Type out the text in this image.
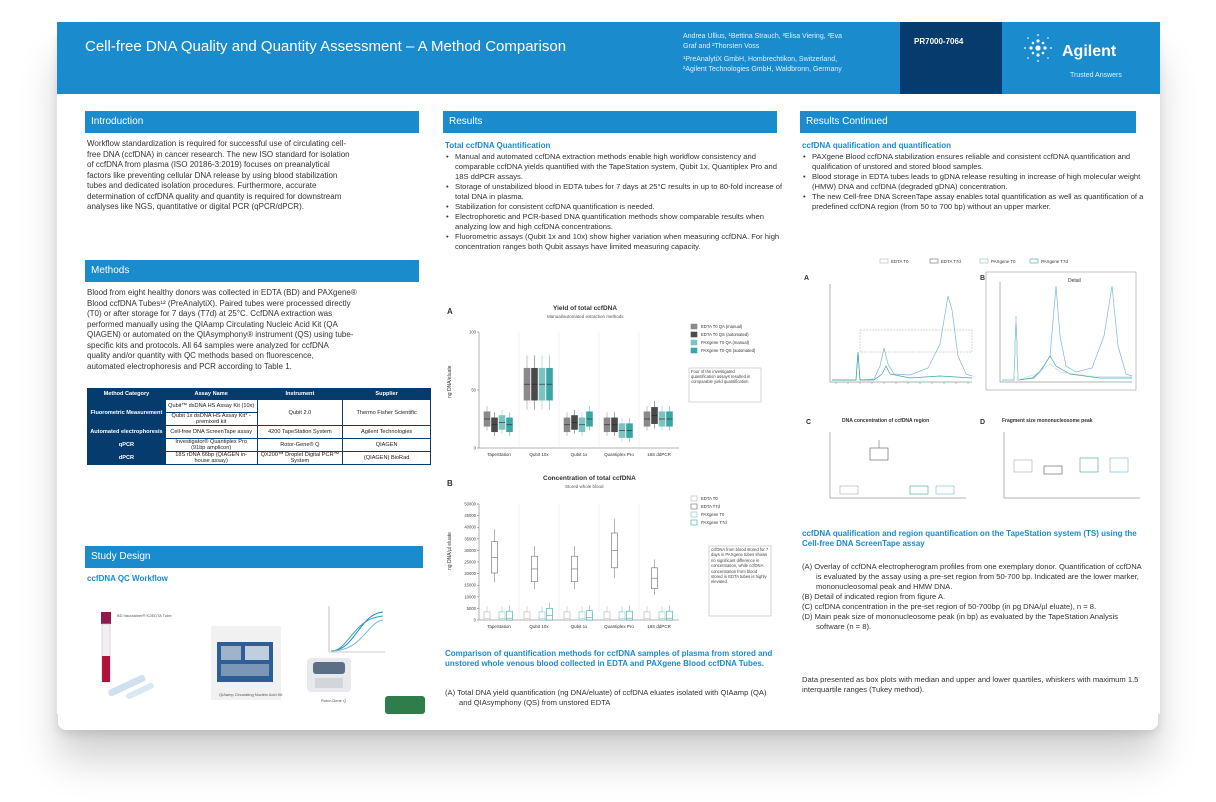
Cell-free DNA Quality and Quantity Assessment – A Method Comparison
Andrea Ullius, ¹Bettina Strauch, ²Elisa Viering, ²Eva
Graf and ²Thorsten Voss
¹PreAnalytiX GmbH, Hombrechtikon, Switzerland,
²Agilent Technologies GmbH, Waldbronn, Germany
PR7000-7064
Agilent
Trusted Answers
Introduction
Workflow standardization is required for successful use of circulating cell-
free DNA (ccfDNA) in cancer research. The new ISO standard for isolation
of ccfDNA from plasma (ISO 20186-3:2019) focuses on preanalytical
factors like preventing cellular DNA release by using blood stabilization
tubes and dedicated isolation procedures. Furthermore, accurate
determination of ccfDNA quality and quantity is required for downstream
analyses like NGS, quantitative or digital PCR (qPCR/dPCR).
Methods
Blood from eight healthy donors was collected in EDTA (BD) and PAXgene®
Blood ccfDNA Tubes¹² (PreAnalytiX). Paired tubes were processed directly
(T0) or after storage for 7 days (T7d) at 25°C. CcfDNA extraction was
performed manually using the QIAamp Circulating Nucleic Acid Kit (QA
QIAGEN) or automated on the QIAsymphony® instrument (QS) using tube-
specific kits and protocols. All 64 samples were analyzed for ccfDNA
quality and/or quantity with QC methods based on fluorescence,
automated electrophoresis and PCR according to Table 1.
Method Category	Assay Name	Instrument	Supplier
Fluorometric Measurement	Qubit™ dsDNA HS Assay Kit (10x)	Qubit 2.0	Thermo Fisher Scientific
	Qubit 1x dsDNA HS Assay Kit* - premixed kit		
Automated electrophoresis	Cell-free DNA ScreenTape assay	4200 TapeStation System	Agilent Technologies
qPCR	Investigator® Quantiplex Pro (91bp amplicon)	Rotor-Gene® Q	QIAGEN
dPCR	18S rDNA 66bp (QIAGEN in-house assay)	QX200™ Droplet Digital PCR™ System	(QIAGEN) BioRad
Study Design
ccfDNA QC Workflow
BD Vacutainer® K2EDTA Tube
QIAamp Circulating Nucleic Acid Kit
Rotor-Gene Q
Results
Total ccfDNA Quantification
• Manual and automated ccfDNA extraction methods enable high workflow consistency and comparable ccfDNA yields quantified with the TapeStation system, Qubit 1x, Quantiplex Pro and 18S ddPCR assays.
• Storage of unstabilized blood in EDTA tubes for 7 days at 25°C results in up to 80-fold increase of total DNA in plasma.
• Stabilization for consistent ccfDNA quantification is needed.
• Electrophoretic and PCR-based DNA quantification methods show comparable results when analyzing low and high ccfDNA concentrations.
• Fluorometric assays (Qubit 1x and 10x) show higher variation when measuring ccfDNA. For high concentration ranges both Qubit assays have limited measuring capacity.
A	Yield of total ccfDNA
Manual/automated extraction methods
ng DNA/eluate
0
50
100
TapeStation	Qubit 10x	Qubit 1x	Quantiplex Pro	18S ddPCR
EDTA T0 QA (manual)
EDTA T0 QS (automated)
PAXgene T0 QA (manual)
PAXgene T0 QS (automated)
Four of the investigated quantification assays resulted in comparable yield quantification
B
Concentration of total ccfDNA
Stored whole blood
ng DNA/µl eluate
0
5000
10000
15000
20000
25000
30000
35000
40000
45000
50000
TapeStation	Qubit 10x	Qubit 1x	Quantiplex Pro	18S ddPCR
EDTA T0
EDTA T7d
PAXgene T0
PAXgene T7d
ccfDNA from blood stored for 7 days in PAXgene tubes shows no significant difference in concentration, while ccfDNA concentration from blood stored in EDTA tubes is highly elevated.
Comparison of quantification methods for ccfDNA samples of plasma from stored and unstored whole venous blood collected in EDTA and PAXgene Blood ccfDNA Tubes.
(A) Total DNA yield quantification (ng DNA/eluate) of ccfDNA eluates isolated with QIAamp (QA) and QIAsymphony (QS) from unstored EDTA
Results Continued
ccfDNA qualification and quantification
• PAXgene Blood ccfDNA stabilization ensures reliable and consistent ccfDNA quantification and qualification of unstored and stored blood samples.
• Blood storage in EDTA tubes leads to gDNA release resulting in increase of high molecular weight (HMW) DNA and ccfDNA (degraded gDNA) concentration.
• The new Cell-free DNA ScreenTape assay enables total quantification as well as quantification of a predefined ccfDNA region (from 50 to 700 bp) without an upper marker.
EDTA T0	EDTA T7d	PAXgene T0	PAXgene T7d
A	B	Detail
C	DNA concentration of ccfDNA region	D	Fragment size mononucleosome peak
ccfDNA qualification and region quantification on the TapeStation system (TS) using the Cell-free DNA ScreenTape assay
(A) Overlay of ccfDNA electropherogram profiles from one exemplary donor. Quantification of ccfDNA is evaluated by the assay using a pre-set region from 50-700 bp. Indicated are the lower marker, mononucleosomal peak and HMW DNA.
(B) Detail of indicated region from figure A.
(C) ccfDNA concentration in the pre-set region of 50-700bp (in pg DNA/µl eluate), n = 8.
(D) Main peak size of mononucleosome peak (in bp) as evaluated by the TapeStation Analysis software (n = 8).
Data presented as box plots with median and upper and lower quartiles, whiskers with maximum 1.5 interquartile ranges (Tukey method).
